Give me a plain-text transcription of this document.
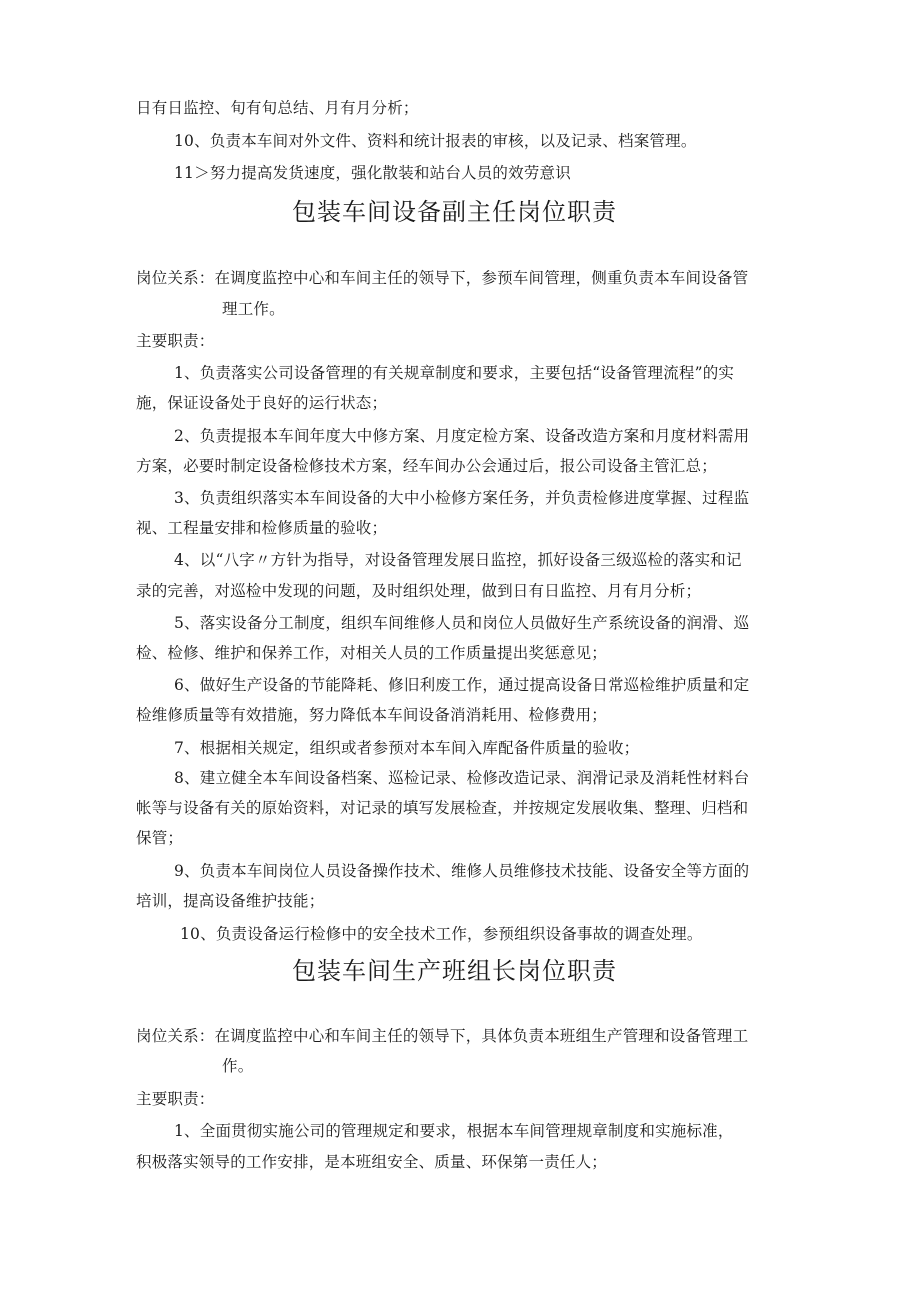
日有日监控、旬有旬总结、月有月分析；
10、负责本车间对外文件、资料和统计报表的审核，以及记录、档案管理。
11＞努力提高发货速度，强化散装和站台人员的效劳意识
包装车间设备副主任岗位职责
岗位关系：在调度监控中心和车间主任的领导下，参预车间管理，侧重负责本车间设备管
理工作。
主要职责：
1、负责落实公司设备管理的有关规章制度和要求，主要包括“设备管理流程”的实
施，保证设备处于良好的运行状态；
2、负责提报本车间年度大中修方案、月度定检方案、设备改造方案和月度材料需用
方案，必要时制定设备检修技术方案，经车间办公会通过后，报公司设备主管汇总；
3、负责组织落实本车间设备的大中小检修方案任务，并负责检修进度掌握、过程监
视、工程量安排和检修质量的验收；
4、以“八字〃方针为指导，对设备管理发展日监控，抓好设备三级巡检的落实和记
录的完善，对巡检中发现的问题，及时组织处理，做到日有日监控、月有月分析；
5、落实设备分工制度，组织车间维修人员和岗位人员做好生产系统设备的润滑、巡
检、检修、维护和保养工作，对相关人员的工作质量提出奖惩意见；
6、做好生产设备的节能降耗、修旧利废工作，通过提高设备日常巡检维护质量和定
检维修质量等有效措施，努力降低本车间设备消消耗用、检修费用；
7、根据相关规定，组织或者参预对本车间入库配备件质量的验收；
8、建立健全本车间设备档案、巡检记录、检修改造记录、润滑记录及消耗性材料台
帐等与设备有关的原始资料，对记录的填写发展检查，并按规定发展收集、整理、归档和
保管；
9、负责本车间岗位人员设备操作技术、维修人员维修技术技能、设备安全等方面的
培训，提高设备维护技能；
10、负责设备运行检修中的安全技术工作，参预组织设备事故的调查处理。
包装车间生产班组长岗位职责
岗位关系：在调度监控中心和车间主任的领导下，具体负责本班组生产管理和设备管理工
作。
主要职责：
1、全面贯彻实施公司的管理规定和要求，根据本车间管理规章制度和实施标准，
积极落实领导的工作安排，是本班组安全、质量、环保第一责任人；
